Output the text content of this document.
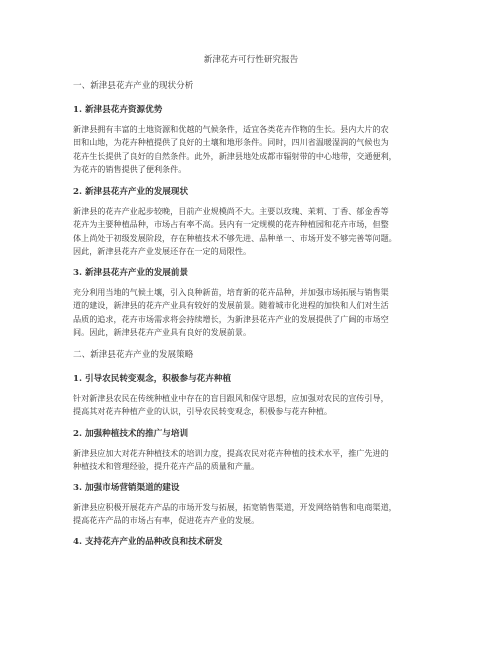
新津花卉可行性研究报告
一、新津县花卉产业的现状分析
1. 新津县花卉资源优势
新津县拥有丰富的土地资源和优越的气候条件，适宜各类花卉作物的生长。县内大片的农
田和山地，为花卉种植提供了良好的土壤和地形条件。同时，四川省温暖湿润的气候也为
花卉生长提供了良好的自然条件。此外，新津县地处成都市辐射带的中心地带，交通便利，
为花卉的销售提供了便利条件。
2. 新津县花卉产业的发展现状
新津县的花卉产业起步较晚，目前产业规模尚不大。主要以玫瑰、茉莉、丁香、郁金香等
花卉为主要种植品种，市场占有率不高。县内有一定规模的花卉种植园和花卉市场，但整
体上尚处于初级发展阶段，存在种植技术不够先进、品种单一、市场开发不够完善等问题。
因此，新津县花卉产业发展还存在一定的局限性。
3. 新津县花卉产业的发展前景
充分利用当地的气候土壤，引入良种新苗，培育新的花卉品种，并加强市场拓展与销售渠
道的建设，新津县的花卉产业具有较好的发展前景。随着城市化进程的加快和人们对生活
品质的追求，花卉市场需求将会持续增长，为新津县花卉产业的发展提供了广阔的市场空
间。因此，新津县花卉产业具有良好的发展前景。
二、新津县花卉产业的发展策略
1. 引导农民转变观念，积极参与花卉种植
针对新津县农民在传统种植业中存在的盲目跟风和保守思想，应加强对农民的宣传引导，
提高其对花卉种植产业的认识，引导农民转变观念，积极参与花卉种植。
2. 加强种植技术的推广与培训
新津县应加大对花卉种植技术的培训力度，提高农民对花卉种植的技术水平，推广先进的
种植技术和管理经验，提升花卉产品的质量和产量。
3. 加强市场营销渠道的建设
新津县应积极开展花卉产品的市场开发与拓展，拓宽销售渠道，开发网络销售和电商渠道，
提高花卉产品的市场占有率，促进花卉产业的发展。
4. 支持花卉产业的品种改良和技术研发
